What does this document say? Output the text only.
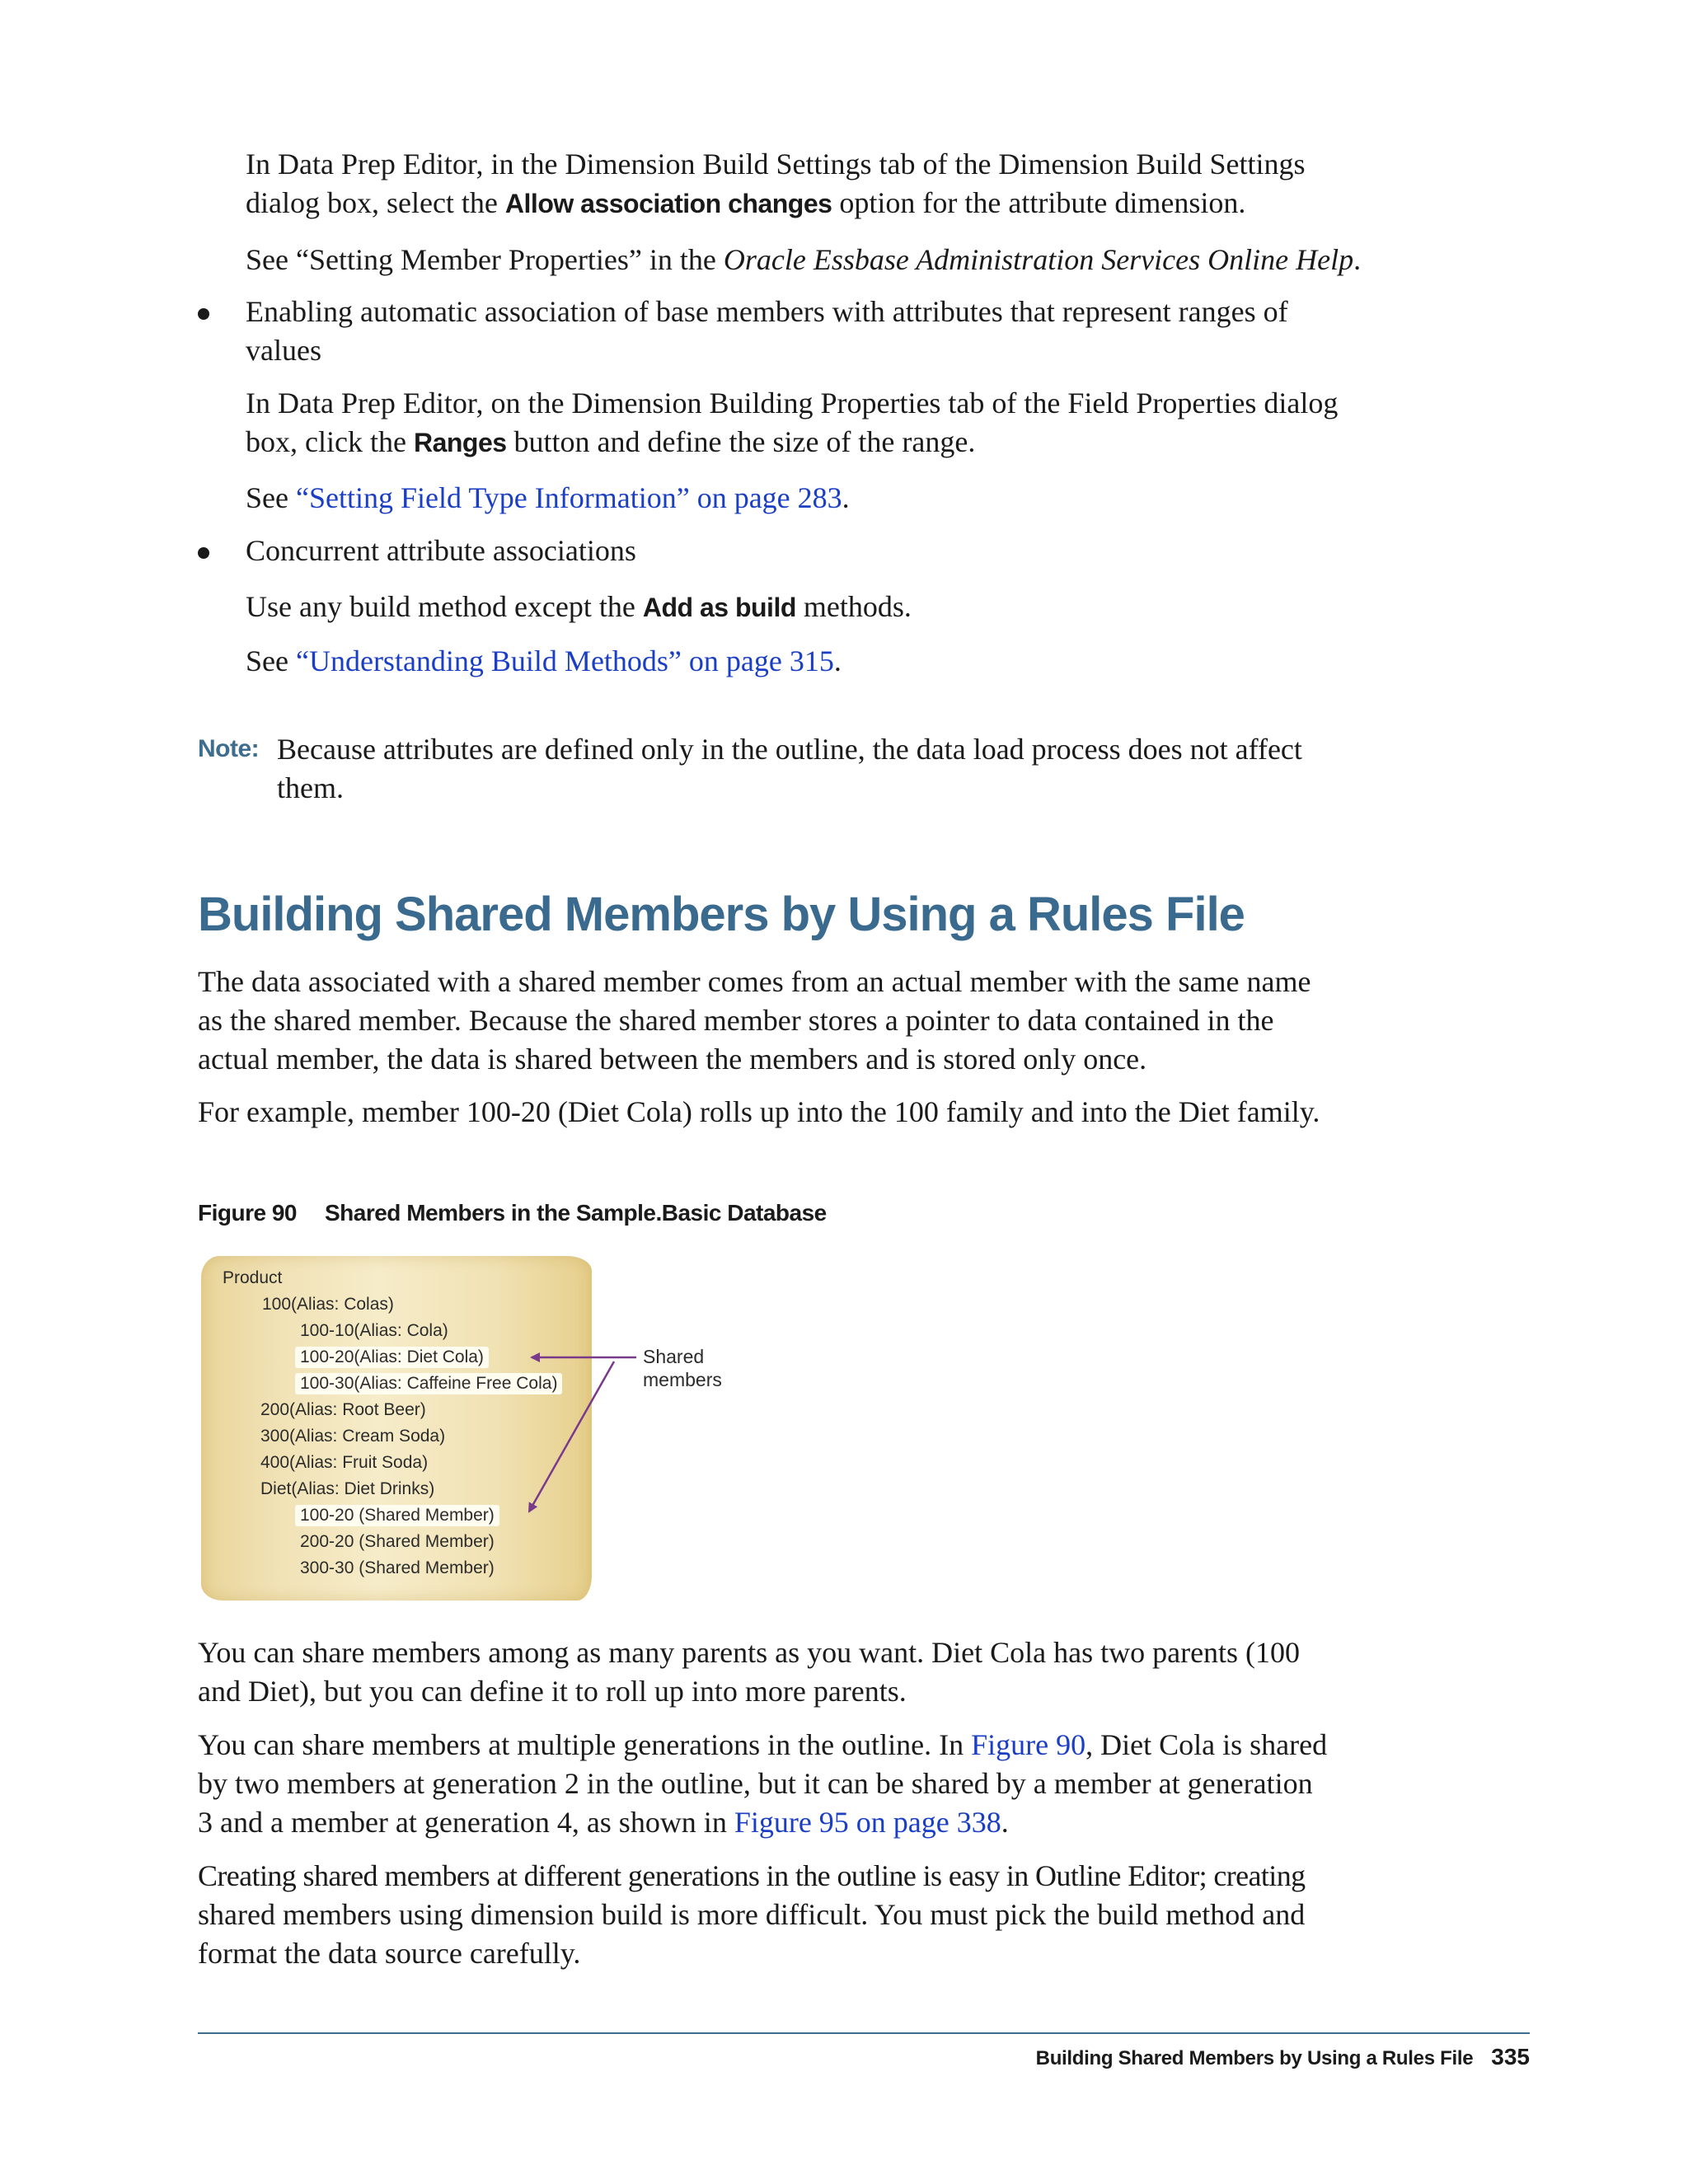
In Data Prep Editor, in the Dimension Build Settings tab of the Dimension Build Settings
dialog box, select the Allow association changes option for the attribute dimension.
See “Setting Member Properties” in the Oracle Essbase Administration Services Online Help.
Enabling automatic association of base members with attributes that represent ranges of
values
In Data Prep Editor, on the Dimension Building Properties tab of the Field Properties dialog
box, click the Ranges button and define the size of the range.
See “Setting Field Type Information” on page 283.
Concurrent attribute associations
Use any build method except the Add as build methods.
See “Understanding Build Methods” on page 315.
Note: Because attributes are defined only in the outline, the data load process does not affect
them.
Building Shared Members by Using a Rules File
The data associated with a shared member comes from an actual member with the same name
as the shared member. Because the shared member stores a pointer to data contained in the
actual member, the data is shared between the members and is stored only once.
For example, member 100-20 (Diet Cola) rolls up into the 100 family and into the Diet family.
Figure 90 Shared Members in the Sample.Basic Database
Product
100(Alias: Colas)
100-10(Alias: Cola)
100-20(Alias: Diet Cola)
100-30(Alias: Caffeine Free Cola)
200(Alias: Root Beer)
300(Alias: Cream Soda)
400(Alias: Fruit Soda)
Diet(Alias: Diet Drinks)
100-20 (Shared Member)
200-20 (Shared Member)
300-30 (Shared Member)
Shared
members
You can share members among as many parents as you want. Diet Cola has two parents (100
and Diet), but you can define it to roll up into more parents.
You can share members at multiple generations in the outline. In Figure 90, Diet Cola is shared
by two members at generation 2 in the outline, but it can be shared by a member at generation
3 and a member at generation 4, as shown in Figure 95 on page 338.
Creating shared members at different generations in the outline is easy in Outline Editor; creating
shared members using dimension build is more difficult. You must pick the build method and
format the data source carefully.
Building Shared Members by Using a Rules File 335
